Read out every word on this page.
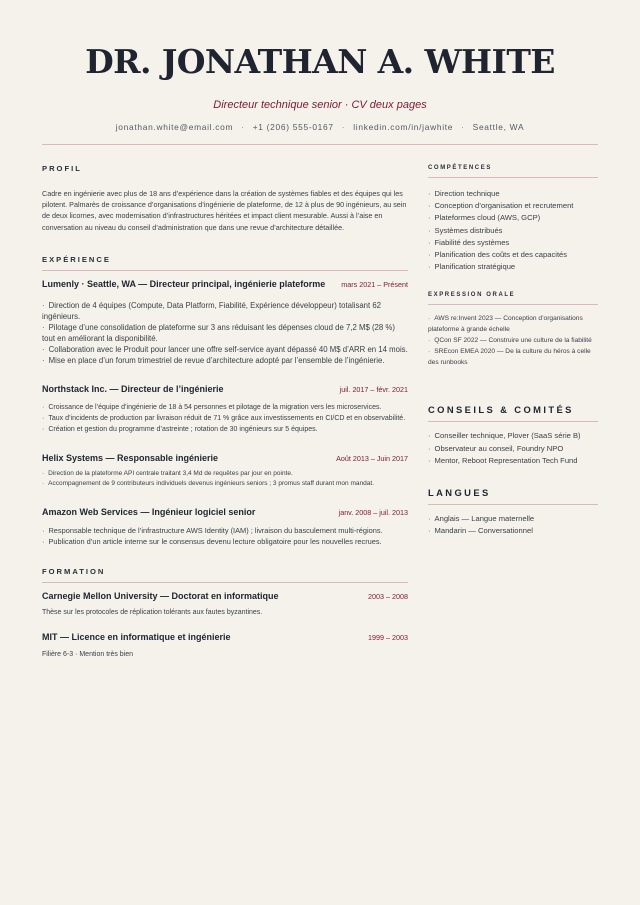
DR. JONATHAN A. WHITE
Directeur technique senior · CV deux pages
jonathan.white@email.com · +1 (206) 555-0167 · linkedin.com/in/jawhite · Seattle, WA
PROFIL
Cadre en ingénierie avec plus de 18 ans d’expérience dans la création de systèmes fiables et des équipes qui les pilotent. Palmarès de croissance d’organisations d’ingénierie de plateforme, de 12 à plus de 90 ingénieurs, au sein de deux licornes, avec modernisation d’infrastructures héritées et impact client mesurable. Aussi à l’aise en conversation au niveau du conseil d’administration que dans une revue d’architecture détaillée.
EXPÉRIENCE
Lumenly · Seattle, WA — Directeur principal, ingénierie plateforme mars 2021 – Présent
· Direction de 4 équipes (Compute, Data Platform, Fiabilité, Expérience développeur) totalisant 62 ingénieurs.
· Pilotage d’une consolidation de plateforme sur 3 ans réduisant les dépenses cloud de 7,2 M$ (28 %) tout en améliorant la disponibilité.
· Collaboration avec le Produit pour lancer une offre self-service ayant dépassé 40 M$ d’ARR en 14 mois.
· Mise en place d’un forum trimestriel de revue d’architecture adopté par l’ensemble de l’ingénierie.
Northstack Inc. — Directeur de l’ingénierie	juil. 2017 – févr. 2021
· Croissance de l’équipe d’ingénierie de 18 à 54 personnes et pilotage de la migration vers les microservices.
· Taux d’incidents de production par livraison réduit de 71 % grâce aux investissements en CI/CD et en observabilité.
· Création et gestion du programme d’astreinte ; rotation de 30 ingénieurs sur 5 équipes.
Helix Systems — Responsable ingénierie	Août 2013 – Juin 2017
· Direction de la plateforme API centrale traitant 3,4 Md de requêtes par jour en pointe.
· Accompagnement de 9 contributeurs individuels devenus ingénieurs seniors ; 3 promus staff durant mon mandat.
Amazon Web Services — Ingénieur logiciel senior	janv. 2008 – juil. 2013
· Responsable technique de l’infrastructure AWS Identity (IAM) ; livraison du basculement multi-régions.
· Publication d’un article interne sur le consensus devenu lecture obligatoire pour les nouvelles recrues.
FORMATION
Carnegie Mellon University — Doctorat en informatique	2003 – 2008
Thèse sur les protocoles de réplication tolérants aux fautes byzantines.
MIT — Licence en informatique et ingénierie	1999 – 2003
Filière 6-3 · Mention très bien
COMPÉTENCES
· Direction technique
· Conception d’organisation et recrutement
· Plateformes cloud (AWS, GCP)
· Systèmes distribués
· Fiabilité des systèmes
· Planification des coûts et des capacités
· Planification stratégique
EXPRESSION ORALE
· AWS re:Invent 2023 — Conception d’organisations plateforme à grande échelle
· QCon SF 2022 — Construire une culture de la fiabilité
· SREcon EMEA 2020 — De la culture du héros à celle des runbooks
CONSEILS & COMITÉS
· Conseiller technique, Plover (SaaS série B)
· Observateur au conseil, Foundry NPO
· Mentor, Reboot Representation Tech Fund
LANGUES
· Anglais — Langue maternelle
· Mandarin — Conversationnel
